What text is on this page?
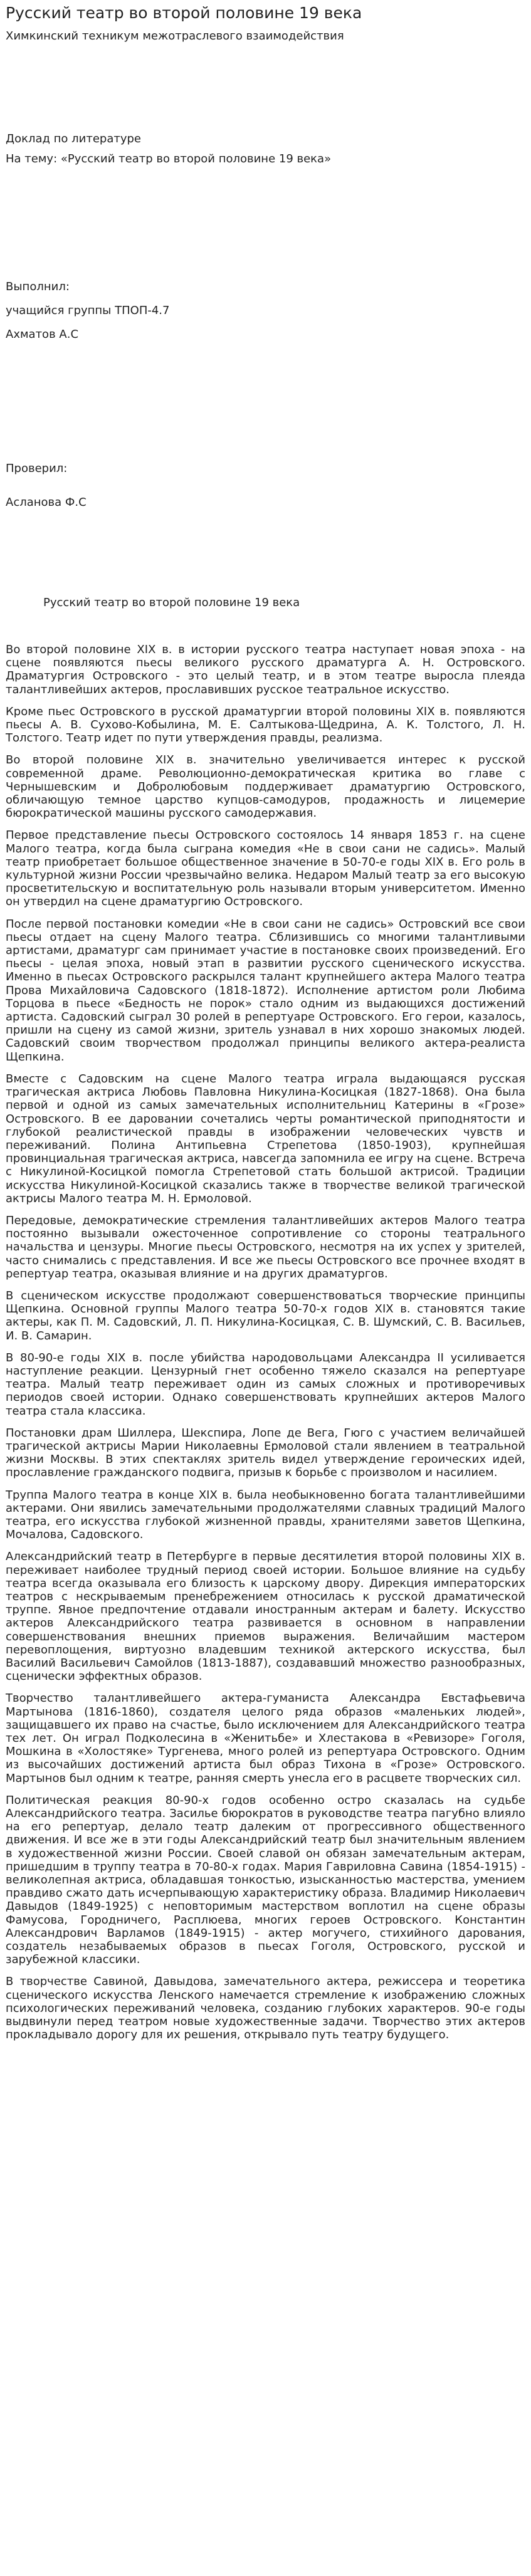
Русский театр во второй половине 19 века

Химкинский техникум межотраслевого взаимодействия

Доклад по литературе

На тему: «Русский театр во второй половине 19 века»

Выполнил:

учащийся группы ТПОП-4.7

Ахматов А.С

Проверил:

Асланова Ф.С

Русский театр во второй половине 19 века

Во второй половине XIX в. в истории русского театра наступает новая эпоха - на сцене появляются пьесы великого русского драматурга А. Н. Островского. Драматургия Островского - это целый театр, и в этом театре выросла плеяда талантливейших актеров, прославивших русское театральное искусство.

Кроме пьес Островского в русской драматургии второй половины XIX в. появляются пьесы А. В. Сухово-Кобылина, М. Е. Салтыкова-Щедрина, А. К. Толстого, Л. Н. Толстого. Театр идет по пути утверждения правды, реализма.

Во второй половине XIX в. значительно увеличивается интерес к русской современной драме. Революционно-демократическая критика во главе с Чернышевским и Добролюбовым поддерживает драматургию Островского, обличающую темное царство купцов-самодуров, продажность и лицемерие бюрократической машины русского самодержавия.

Первое представление пьесы Островского состоялось 14 января 1853 г. на сцене Малого театра, когда была сыграна комедия «Не в свои сани не садись». Малый театр приобретает большое общественное значение в 50-70-е годы XIX в. Его роль в культурной жизни России чрезвычайно велика. Недаром Малый театр за его высокую просветительскую и воспитательную роль называли вторым университетом. Именно он утвердил на сцене драматургию Островского.

После первой постановки комедии «Не в свои сани не садись» Островский все свои пьесы отдает на сцену Малого театра. Сблизившись со многими талантливыми артистами, драматург сам принимает участие в постановке своих произведений. Его пьесы - целая эпоха, новый этап в развитии русского сценического искусства. Именно в пьесах Островского раскрылся талант крупнейшего актера Малого театра Прова Михайловича Садовского (1818-1872). Исполнение артистом роли Любима Торцова в пьесе «Бедность не порок» стало одним из выдающихся достижений артиста. Садовский сыграл 30 ролей в репертуаре Островского. Его герои, казалось, пришли на сцену из самой жизни, зритель узнавал в них хорошо знакомых людей. Садовский своим творчеством продолжал принципы великого актера-реалиста Щепкина.

Вместе с Садовским на сцене Малого театра играла выдающаяся русская трагическая актриса Любовь Павловна Никулина-Косицкая (1827-1868). Она была первой и одной из самых замечательных исполнительниц Катерины в «Грозе» Островского. В ее даровании сочетались черты романтической приподнятости и глубокой реалистической правды в изображении человеческих чувств и переживаний. Полина Антипьевна Стрепетова (1850-1903), крупнейшая провинциальная трагическая актриса, навсегда запомнила ее игру на сцене. Встреча с Никулиной-Косицкой помогла Стрепетовой стать большой актрисой. Традиции искусства Никулиной-Косицкой сказались также в творчестве великой трагической актрисы Малого театра М. Н. Ермоловой.

Передовые, демократические стремления талантливейших актеров Малого театра постоянно вызывали ожесточенное сопротивление со стороны театрального начальства и цензуры. Многие пьесы Островского, несмотря на их успех у зрителей, часто снимались с представления. И все же пьесы Островского все прочнее входят в репертуар театра, оказывая влияние и на других драматургов.

В сценическом искусстве продолжают совершенствоваться творческие принципы Щепкина. Основной группы Малого театра 50-70-х годов XIX в. становятся такие актеры, как П. М. Садовский, Л. П. Никулина-Косицкая, С. В. Шумский, С. В. Васильев, И. В. Самарин.

В 80-90-е годы XIX в. после убийства народовольцами Александра II усиливается наступление реакции. Цензурный гнет особенно тяжело сказался на репертуаре театра. Малый театр переживает один из самых сложных и противоречивых периодов своей истории. Однако совершенствовать крупнейших актеров Малого театра стала классика.

Постановки драм Шиллера, Шекспира, Лопе де Вега, Гюго с участием величайшей трагической актрисы Марии Николаевны Ермоловой стали явлением в театральной жизни Москвы. В этих спектаклях зритель видел утверждение героических идей, прославление гражданского подвига, призыв к борьбе с произволом и насилием.

Труппа Малого театра в конце XIX в. была необыкновенно богата талантливейшими актерами. Они явились замечательными продолжателями славных традиций Малого театра, его искусства глубокой жизненной правды, хранителями заветов Щепкина, Мочалова, Садовского.

Александрийский театр в Петербурге в первые десятилетия второй половины XIX в. переживает наиболее трудный период своей истории. Большое влияние на судьбу театра всегда оказывала его близость к царскому двору. Дирекция императорских театров с нескрываемым пренебрежением относилась к русской драматической труппе. Явное предпочтение отдавали иностранным актерам и балету. Искусство актеров Александрийского театра развивается в основном в направлении совершенствования внешних приемов выражения. Величайшим мастером перевоплощения, виртуозно владевшим техникой актерского искусства, был Василий Васильевич Самойлов (1813-1887), создававший множество разнообразных, сценически эффектных образов.

Творчество талантливейшего актера-гуманиста Александра Евстафьевича Мартынова (1816-1860), создателя целого ряда образов «маленьких людей», защищавшего их право на счастье, было исключением для Александрийского театра тех лет. Он играл Подколесина в «Женитьбе» и Хлестакова в «Ревизоре» Гоголя, Мошкина в «Холостяке» Тургенева, много ролей из репертуара Островского. Одним из высочайших достижений артиста был образ Тихона в «Грозе» Островского. Мартынов был одним к театре, ранняя смерть унесла его в расцвете творческих сил.

Политическая реакция 80-90-х годов особенно остро сказалась на судьбе Александрийского театра. Засилье бюрократов в руководстве театра пагубно влияло на его репертуар, делало театр далеким от прогрессивного общественного движения. И все же в эти годы Александрийский театр был значительным явлением в художественной жизни России. Своей славой он обязан замечательным актерам, пришедшим в труппу театра в 70-80-х годах. Мария Гавриловна Савина (1854-1915) - великолепная актриса, обладавшая тонкостью, изысканностью мастерства, умением правдиво сжато дать исчерпывающую характеристику образа. Владимир Николаевич Давыдов (1849-1925) с неповторимым мастерством воплотил на сцене образы Фамусова, Городничего, Расплюева, многих героев Островского. Константин Александрович Варламов (1849-1915) - актер могучего, стихийного дарования, создатель незабываемых образов в пьесах Гоголя, Островского, русской и зарубежной классики.

В творчестве Савиной, Давыдова, замечательного актера, режиссера и теоретика сценического искусства Ленского намечается стремление к изображению сложных психологических переживаний человека, созданию глубоких характеров. 90-е годы выдвинули перед театром новые художественные задачи. Творчество этих актеров прокладывало дорогу для их решения, открывало путь театру будущего.
